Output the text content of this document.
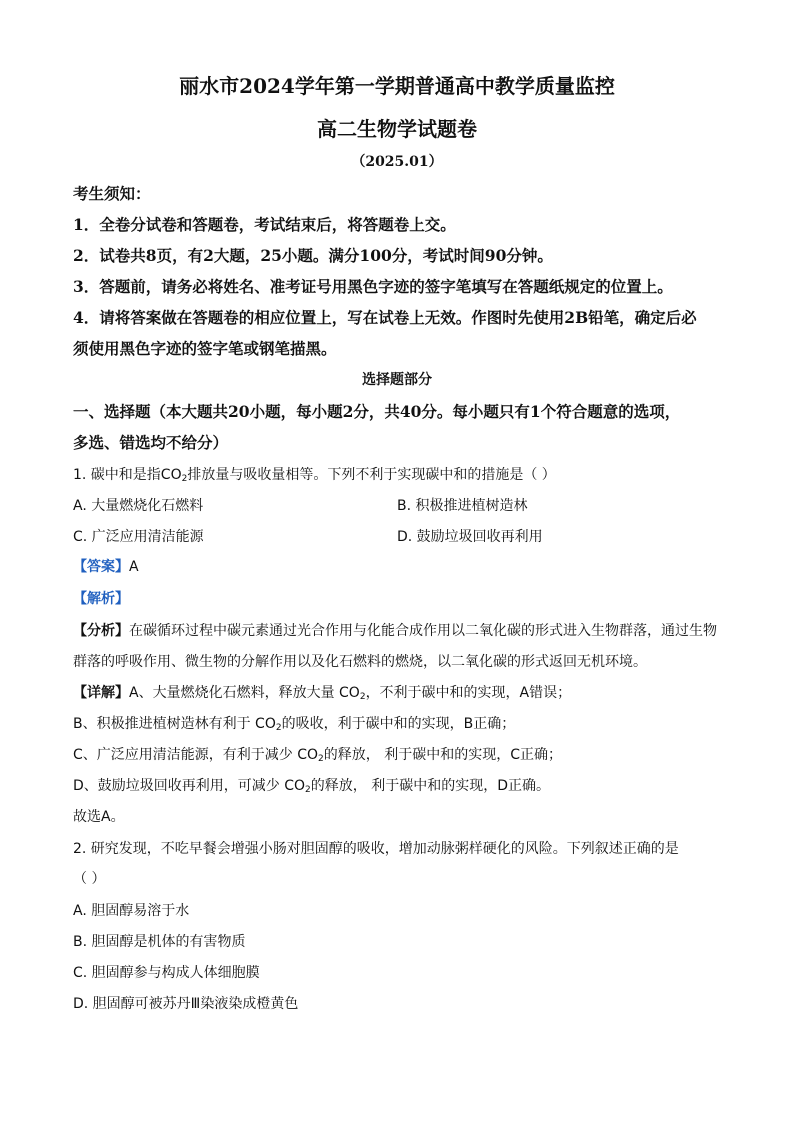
丽水市2024学年第一学期普通高中教学质量监控
高二生物学试题卷
（2025.01）
考生须知：
1．全卷分试卷和答题卷，考试结束后，将答题卷上交。
2．试卷共8页，有2大题，25小题。满分100分，考试时间90分钟。
3．答题前，请务必将姓名、准考证号用黑色字迹的签字笔填写在答题纸规定的位置上。
4．请将答案做在答题卷的相应位置上，写在试卷上无效。作图时先使用2B铅笔，确定后必
须使用黑色字迹的签字笔或钢笔描黑。
选择题部分
一、选择题（本大题共20小题，每小题2分，共40分。每小题只有1个符合题意的选项，
多选、错选均不给分）
1. 碳中和是指$CO_2$排放量与吸收量相等。下列不利于实现碳中和的措施是（ ）
A. 大量燃烧化石燃料	B. 积极推进植树造林
C. 广泛应用清洁能源	D. 鼓励垃圾回收再利用
【答案】A
【解析】
【分析】在碳循环过程中碳元素通过光合作用与化能合成作用以二氧化碳的形式进入生物群落，通过生物
群落的呼吸作用、微生物的分解作用以及化石燃料的燃烧，以二氧化碳的形式返回无机环境。
【详解】A、大量燃烧化石燃料，释放大量 $CO_2$，不利于碳中和的实现，A错误；
B、积极推进植树造林有利于 $CO_2$的吸收，利于碳中和的实现，B正确；
C、广泛应用清洁能源，有利于减少 $CO_2$的释放， 利于碳中和的实现，C正确；
D、鼓励垃圾回收再利用，可减少 $CO_2$的释放， 利于碳中和的实现，D正确。
故选A。
2. 研究发现，不吃早餐会增强小肠对胆固醇的吸收，增加动脉粥样硬化的风险。下列叙述正确的是
（ ）
A. 胆固醇易溶于水
B. 胆固醇是机体的有害物质
C. 胆固醇参与构成人体细胞膜
D. 胆固醇可被苏丹Ⅲ染液染成橙黄色
